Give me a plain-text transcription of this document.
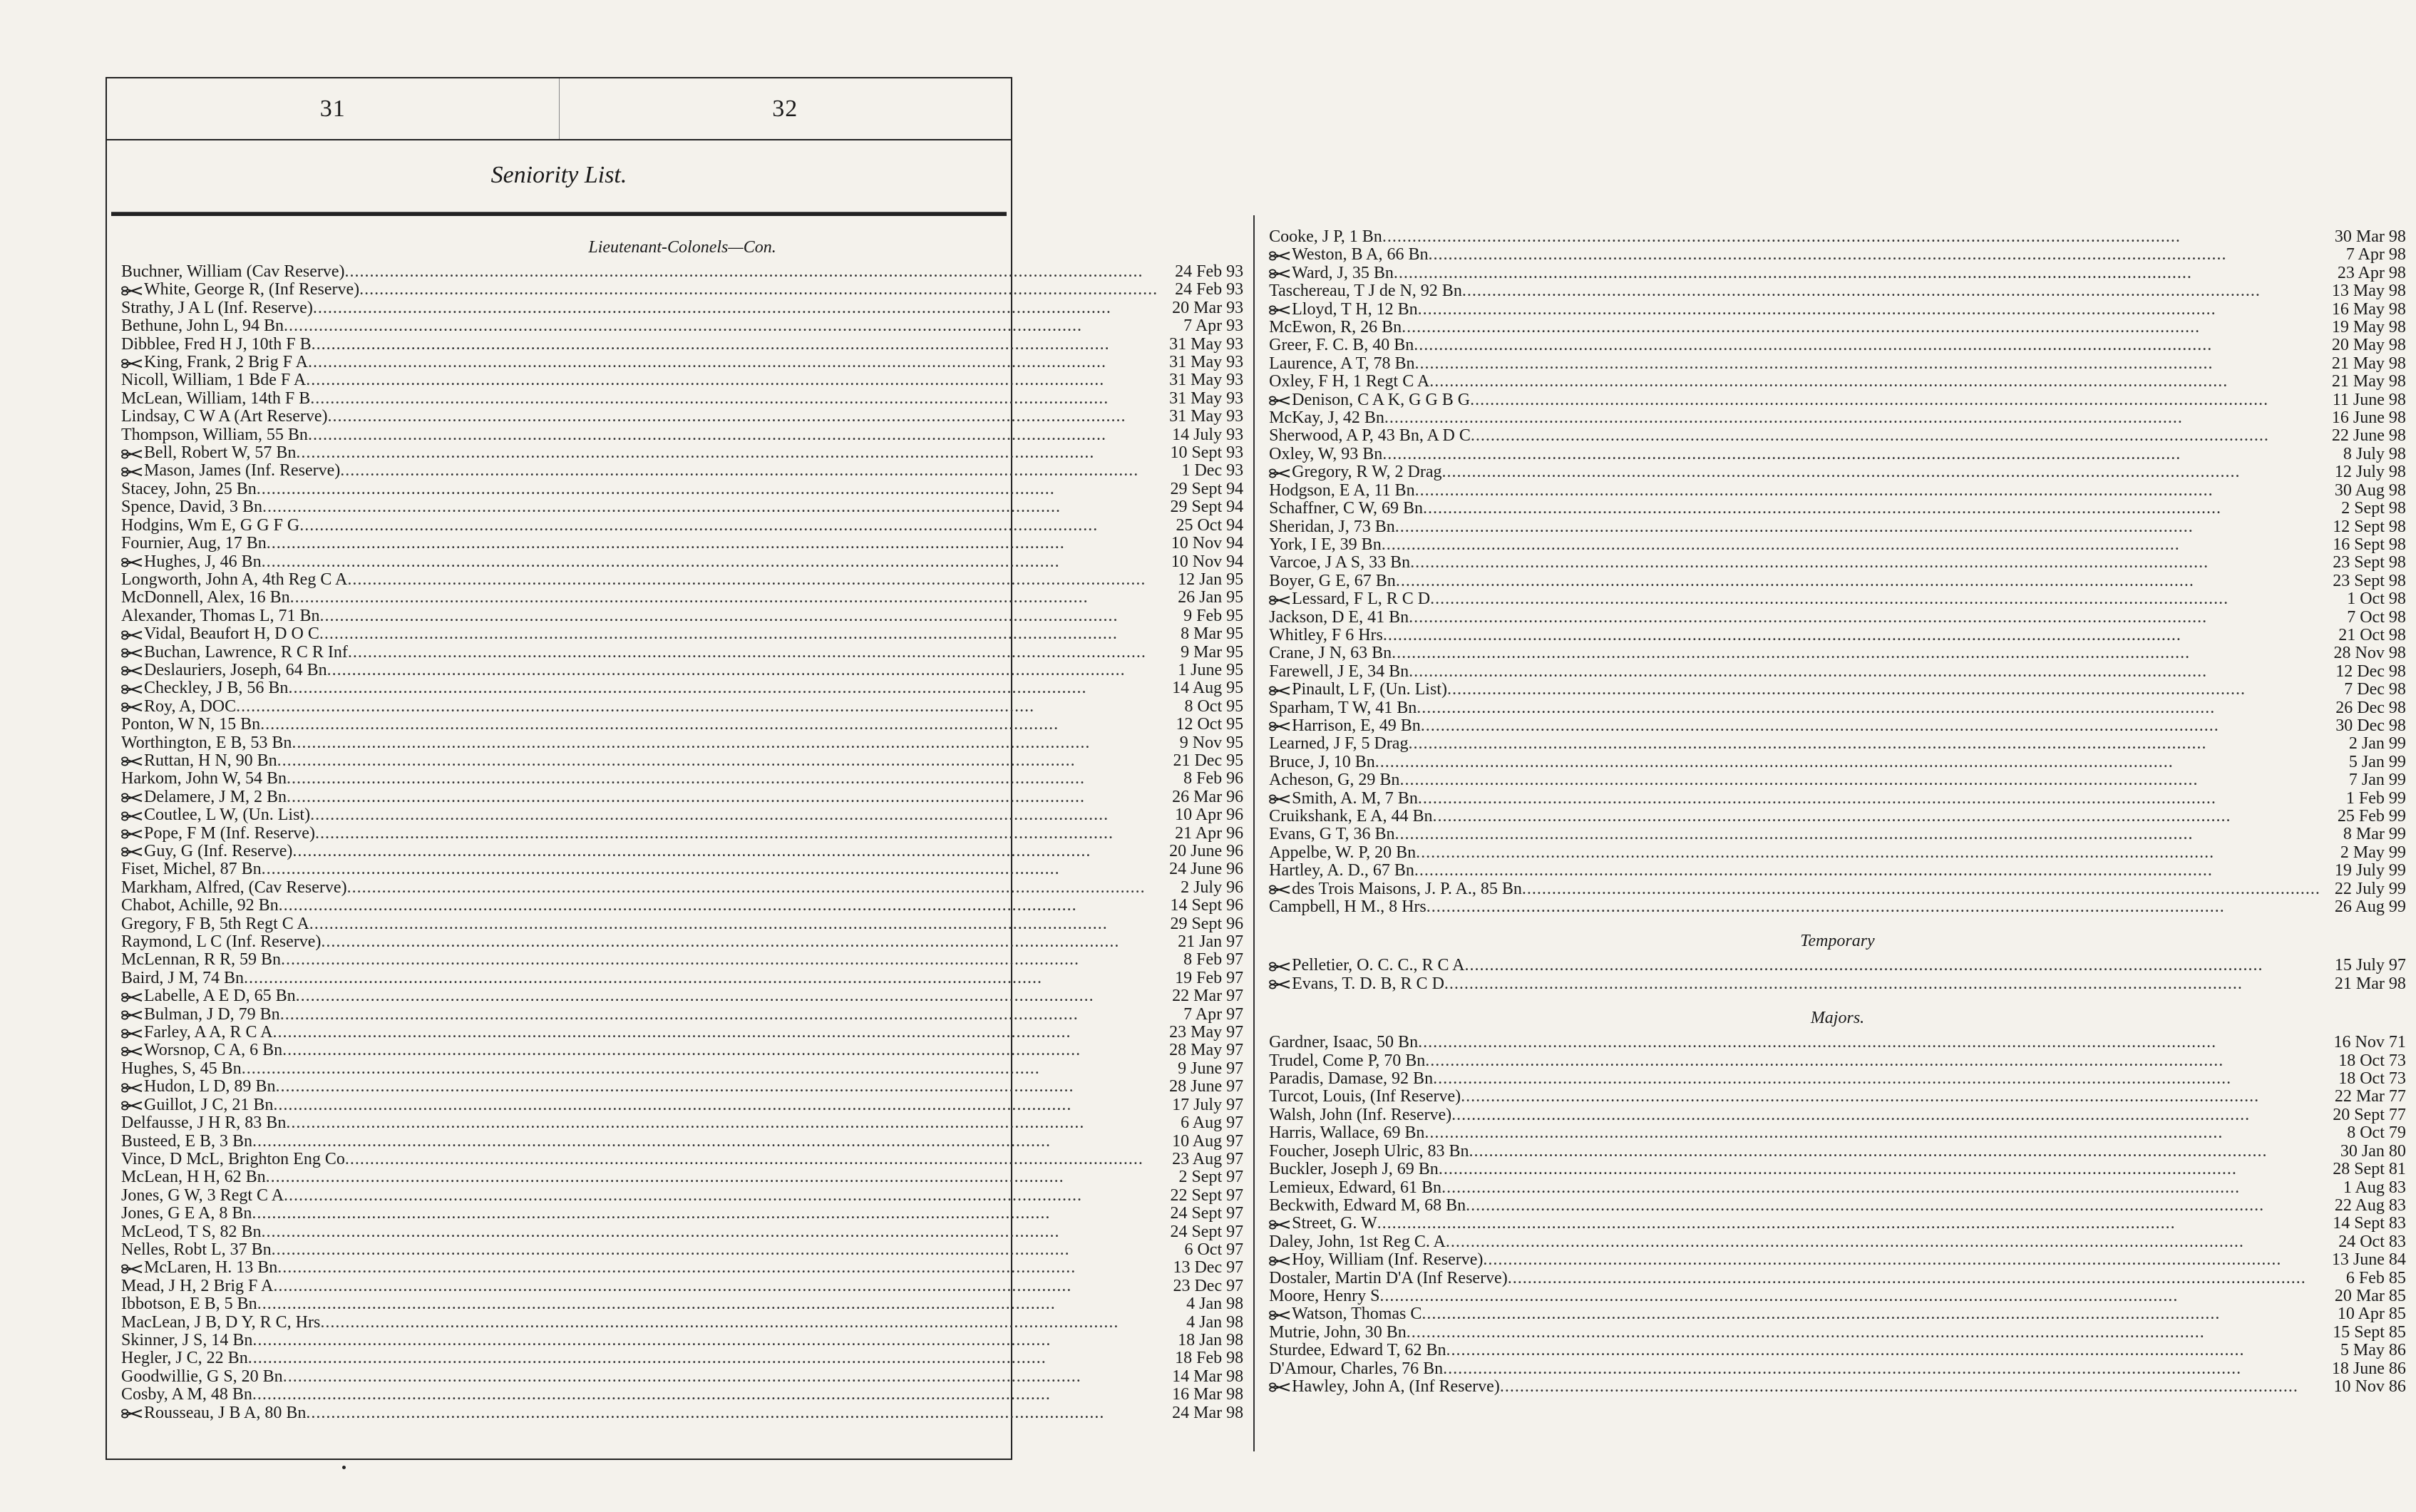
31	32
Seniority List.
Lieutenant-Colonels—Con.
Buchner, William (Cav Reserve) .....	24 Feb 93
White, George R, (Inf Reserve) .....	24 Feb 93
Strathy, J A L (Inf. Reserve) .....	20 Mar 93
Bethune, John L, 94 Bn .....	7 Apr 93
Dibblee, Fred H J, 10th F B .....	31 May 93
King, Frank, 2 Brig F A .....	31 May 93
Nicoll, William, 1 Bde F A .....	31 May 93
McLean, William, 14th F B .....	31 May 93
Lindsay, C W A (Art Reserve) .....	31 May 93
Thompson, William, 55 Bn .....	14 July 93
Bell, Robert W, 57 Bn .....	10 Sept 93
Mason, James (Inf. Reserve) .....	1 Dec 93
Stacey, John, 25 Bn .....	29 Sept 94
Spence, David, 3 Bn .....	29 Sept 94
Hodgins, Wm E, G G F G .....	25 Oct 94
Fournier, Aug, 17 Bn .....	10 Nov 94
Hughes, J, 46 Bn .....	10 Nov 94
Longworth, John A, 4th Reg C A .....	12 Jan 95
McDonnell, Alex, 16 Bn .....	26 Jan 95
Alexander, Thomas L, 71 Bn .....	9 Feb 95
Vidal, Beaufort H, D O C .....	8 Mar 95
Buchan, Lawrence, R C R Inf .....	9 Mar 95
Deslauriers, Joseph, 64 Bn .....	1 June 95
Checkley, J B, 56 Bn .....	14 Aug 95
Roy, A, DOC .....	8 Oct 95
Ponton, W N, 15 Bn .....	12 Oct 95
Worthington, E B, 53 Bn .....	9 Nov 95
Ruttan, H N, 90 Bn .....	21 Dec 95
Harkom, John W, 54 Bn .....	8 Feb 96
Delamere, J M, 2 Bn .....	26 Mar 96
Coutlee, L W, (Un. List) .....	10 Apr 96
Pope, F M (Inf. Reserve) .....	21 Apr 96
Guy, G (Inf. Reserve) .....	20 June 96
Fiset, Michel, 87 Bn .....	24 June 96
Markham, Alfred, (Cav Reserve) .....	2 July 96
Chabot, Achille, 92 Bn .....	14 Sept 96
Gregory, F B, 5th Regt C A .....	29 Sept 96
Raymond, L C (Inf. Reserve) .....	21 Jan 97
McLennan, R R, 59 Bn .....	8 Feb 97
Baird, J M, 74 Bn .....	19 Feb 97
Labelle, A E D, 65 Bn .....	22 Mar 97
Bulman, J D, 79 Bn .....	7 Apr 97
Farley, A A, R C A .....	23 May 97
Worsnop, C A, 6 Bn .....	28 May 97
Hughes, S, 45 Bn .....	9 June 97
Hudon, L D, 89 Bn .....	28 June 97
Guillot, J C, 21 Bn .....	17 July 97
Delfausse, J H R, 83 Bn .....	6 Aug 97
Busteed, E B, 3 Bn .....	10 Aug 97
Vince, D McL, Brighton Eng Co .....	23 Aug 97
McLean, H H, 62 Bn .....	2 Sept 97
Jones, G W, 3 Regt C A .....	22 Sept 97
Jones, G E A, 8 Bn .....	24 Sept 97
McLeod, T S, 82 Bn .....	24 Sept 97
Nelles, Robt L, 37 Bn .....	6 Oct 97
McLaren, H. 13 Bn .....	13 Dec 97
Mead, J H, 2 Brig F A .....	23 Dec 97
Ibbotson, E B, 5 Bn .....	4 Jan 98
MacLean, J B, D Y, R C, Hrs .....	4 Jan 98
Skinner, J S, 14 Bn .....	18 Jan 98
Hegler, J C, 22 Bn .....	18 Feb 98
Goodwillie, G S, 20 Bn .....	14 Mar 98
Cosby, A M, 48 Bn .....	16 Mar 98
Rousseau, J B A, 80 Bn .....	24 Mar 98
Cooke, J P, 1 Bn .....	30 Mar 98
Weston, B A, 66 Bn .....	7 Apr 98
Ward, J, 35 Bn .....	23 Apr 98
Taschereau, T J de N, 92 Bn .....	13 May 98
Lloyd, T H, 12 Bn .....	16 May 98
McEwon, R, 26 Bn .....	19 May 98
Greer, F. C. B, 40 Bn .....	20 May 98
Laurence, A T, 78 Bn .....	21 May 98
Oxley, F H, 1 Regt C A .....	21 May 98
Denison, C A K, G G B G .....	11 June 98
McKay, J, 42 Bn .....	16 June 98
Sherwood, A P, 43 Bn, A D C .....	22 June 98
Oxley, W, 93 Bn .....	8 July 98
Gregory, R W, 2 Drag .....	12 July 98
Hodgson, E A, 11 Bn .....	30 Aug 98
Schaffner, C W, 69 Bn .....	2 Sept 98
Sheridan, J, 73 Bn .....	12 Sept 98
York, I E, 39 Bn .....	16 Sept 98
Varcoe, J A S, 33 Bn .....	23 Sept 98
Boyer, G E, 67 Bn .....	23 Sept 98
Lessard, F L, R C D .....	1 Oct 98
Jackson, D E, 41 Bn .....	7 Oct 98
Whitley, F 6 Hrs .....	21 Oct 98
Crane, J N, 63 Bn .....	28 Nov 98
Farewell, J E, 34 Bn .....	12 Dec 98
Pinault, L F, (Un. List) .....	7 Dec 98
Sparham, T W, 41 Bn .....	26 Dec 98
Harrison, E, 49 Bn .....	30 Dec 98
Learned, J F, 5 Drag .....	2 Jan 99
Bruce, J, 10 Bn .....	5 Jan 99
Acheson, G, 29 Bn .....	7 Jan 99
Smith, A. M, 7 Bn .....	1 Feb 99
Cruikshank, E A, 44 Bn .....	25 Feb 99
Evans, G T, 36 Bn .....	8 Mar 99
Appelbe, W. P, 20 Bn .....	2 May 99
Hartley, A. D., 67 Bn .....	19 July 99
des Trois Maisons, J. P. A., 85 Bn .....	22 July 99
Campbell, H M., 8 Hrs .....	26 Aug 99
Temporary
Pelletier, O. C. C., R C A .....	15 July 97
Evans, T. D. B, R C D .....	21 Mar 98
Majors.
Gardner, Isaac, 50 Bn .....	16 Nov 71
Trudel, Come P, 70 Bn .....	18 Oct 73
Paradis, Damase, 92 Bn .....	18 Oct 73
Turcot, Louis, (Inf Reserve) .....	22 Mar 77
Walsh, John (Inf. Reserve) .....	20 Sept 77
Harris, Wallace, 69 Bn .....	8 Oct 79
Foucher, Joseph Ulric, 83 Bn .....	30 Jan 80
Buckler, Joseph J, 69 Bn .....	28 Sept 81
Lemieux, Edward, 61 Bn .....	1 Aug 83
Beckwith, Edward M, 68 Bn .....	22 Aug 83
Street, G. W .....	14 Sept 83
Daley, John, 1st Reg C. A .....	24 Oct 83
Hoy, William (Inf. Reserve) .....	13 June 84
Dostaler, Martin D'A (Inf Reserve) .....	6 Feb 85
Moore, Henry S .....	20 Mar 85
Watson, Thomas C .....	10 Apr 85
Mutrie, John, 30 Bn .....	15 Sept 85
Sturdee, Edward T, 62 Bn .....	5 May 86
D'Amour, Charles, 76 Bn .....	18 June 86
Hawley, John A, (Inf Reserve) .....	10 Nov 86
